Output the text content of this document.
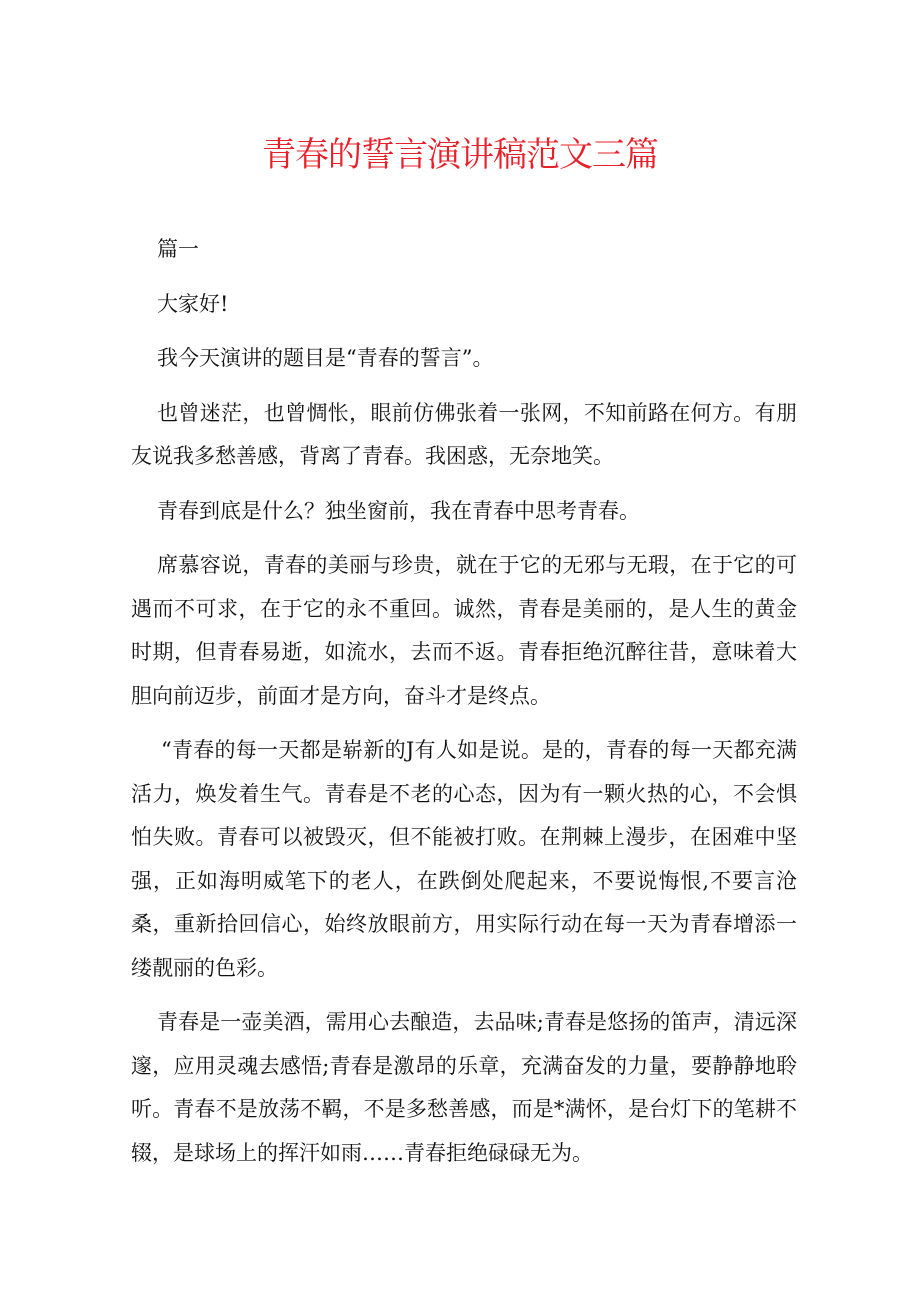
青春的誓言演讲稿范文三篇

篇一

大家好!

我今天演讲的题目是“青春的誓言”。

也曾迷茫，也曾惆怅，眼前仿佛张着一张网，不知前路在何方。有朋友说我多愁善感，背离了青春。我困惑，无奈地笑。

青春到底是什么？独坐窗前，我在青春中思考青春。

席慕容说，青春的美丽与珍贵，就在于它的无邪与无瑕，在于它的可遇而不可求，在于它的永不重回。诚然，青春是美丽的，是人生的黄金时期，但青春易逝，如流水，去而不返。青春拒绝沉醉往昔，意味着大胆向前迈步，前面才是方向，奋斗才是终点。

“青春的每一天都是崭新的J有人如是说。是的，青春的每一天都充满活力，焕发着生气。青春是不老的心态，因为有一颗火热的心，不会惧怕失败。青春可以被毁灭，但不能被打败。在荆棘上漫步，在困难中坚强，正如海明威笔下的老人，在跌倒处爬起来，不要说悔恨,不要言沧桑，重新拾回信心，始终放眼前方，用实际行动在每一天为青春增添一缕靓丽的色彩。

青春是一壶美酒，需用心去酿造，去品味;青春是悠扬的笛声，清远深邃，应用灵魂去感悟;青春是激昂的乐章，充满奋发的力量，要静静地聆听。青春不是放荡不羁，不是多愁善感，而是*满怀，是台灯下的笔耕不辍，是球场上的挥汗如雨……青春拒绝碌碌无为。
